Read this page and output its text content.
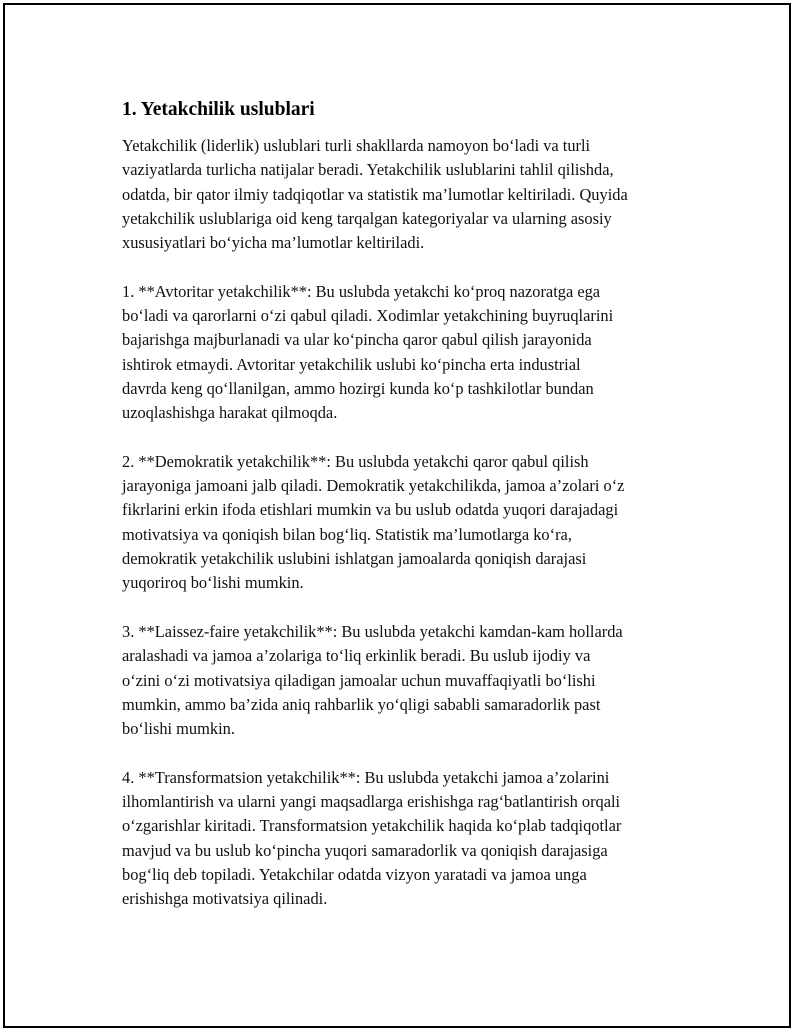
1. Yetakchilik uslublari

Yetakchilik (liderlik) uslublari turli shakllarda namoyon bo‘ladi va turli
vaziyatlarda turlicha natijalar beradi. Yetakchilik uslublarini tahlil qilishda,
odatda, bir qator ilmiy tadqiqotlar va statistik ma’lumotlar keltiriladi. Quyida
yetakchilik uslublariga oid keng tarqalgan kategoriyalar va ularning asosiy
xususiyatlari bo‘yicha ma’lumotlar keltiriladi.

1. **Avtoritar yetakchilik**: Bu uslubda yetakchi ko‘proq nazoratga ega
bo‘ladi va qarorlarni o‘zi qabul qiladi. Xodimlar yetakchining buyruqlarini
bajarishga majburlanadi va ular ko‘pincha qaror qabul qilish jarayonida
ishtirok etmaydi. Avtoritar yetakchilik uslubi ko‘pincha erta industrial
davrda keng qo‘llanilgan, ammo hozirgi kunda ko‘p tashkilotlar bundan
uzoqlashishga harakat qilmoqda.

2. **Demokratik yetakchilik**: Bu uslubda yetakchi qaror qabul qilish
jarayoniga jamoani jalb qiladi. Demokratik yetakchilikda, jamoa a’zolari o‘z
fikrlarini erkin ifoda etishlari mumkin va bu uslub odatda yuqori darajadagi
motivatsiya va qoniqish bilan bog‘liq. Statistik ma’lumotlarga ko‘ra,
demokratik yetakchilik uslubini ishlatgan jamoalarda qoniqish darajasi
yuqoriroq bo‘lishi mumkin.

3. **Laissez-faire yetakchilik**: Bu uslubda yetakchi kamdan-kam hollarda
aralashadi va jamoa a’zolariga to‘liq erkinlik beradi. Bu uslub ijodiy va
o‘zini o‘zi motivatsiya qiladigan jamoalar uchun muvaffaqiyatli bo‘lishi
mumkin, ammo ba’zida aniq rahbarlik yo‘qligi sababli samaradorlik past
bo‘lishi mumkin.

4. **Transformatsion yetakchilik**: Bu uslubda yetakchi jamoa a’zolarini
ilhomlantirish va ularni yangi maqsadlarga erishishga rag‘batlantirish orqali
o‘zgarishlar kiritadi. Transformatsion yetakchilik haqida ko‘plab tadqiqotlar
mavjud va bu uslub ko‘pincha yuqori samaradorlik va qoniqish darajasiga
bog‘liq deb topiladi. Yetakchilar odatda vizyon yaratadi va jamoa unga
erishishga motivatsiya qilinadi.
